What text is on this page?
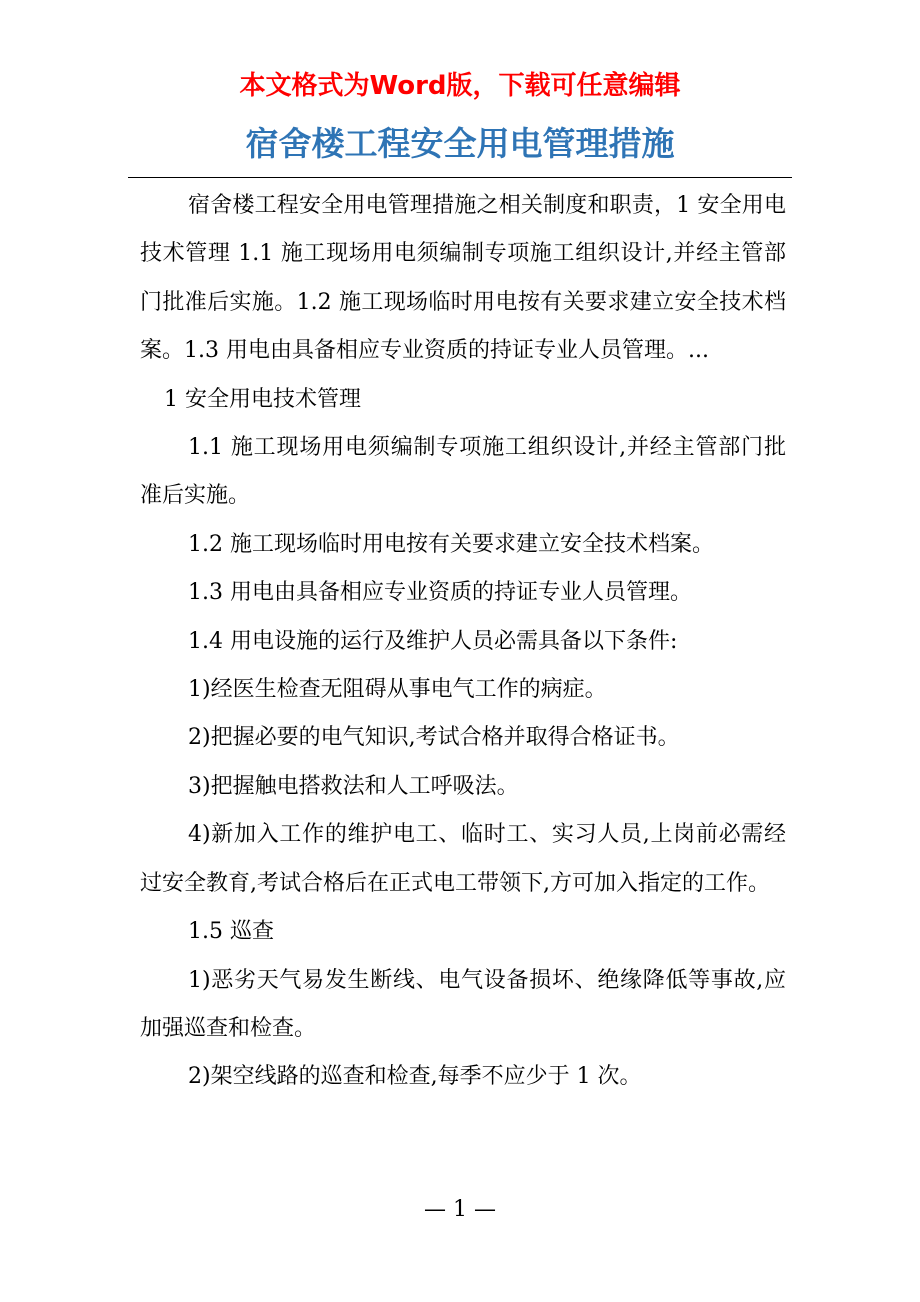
本文格式为Word版，下载可任意编辑
宿舍楼工程安全用电管理措施

宿舍楼工程安全用电管理措施之相关制度和职责，1 安全用电技术管理 1.1 施工现场用电须编制专项施工组织设计,并经主管部门批准后实施。1.2 施工现场临时用电按有关要求建立安全技术档案。1.3 用电由具备相应专业资质的持证专业人员管理。...

1 安全用电技术管理

1.1 施工现场用电须编制专项施工组织设计,并经主管部门批准后实施。

1.2 施工现场临时用电按有关要求建立安全技术档案。

1.3 用电由具备相应专业资质的持证专业人员管理。

1.4 用电设施的运行及维护人员必需具备以下条件:

1)经医生检查无阻碍从事电气工作的病症。

2)把握必要的电气知识,考试合格并取得合格证书。

3)把握触电搭救法和人工呼吸法。

4)新加入工作的维护电工、临时工、实习人员,上岗前必需经过安全教育,考试合格后在正式电工带领下,方可加入指定的工作。

1.5 巡查

1)恶劣天气易发生断线、电气设备损坏、绝缘降低等事故,应加强巡查和检查。

2)架空线路的巡查和检查,每季不应少于 1 次。

— 1 —
